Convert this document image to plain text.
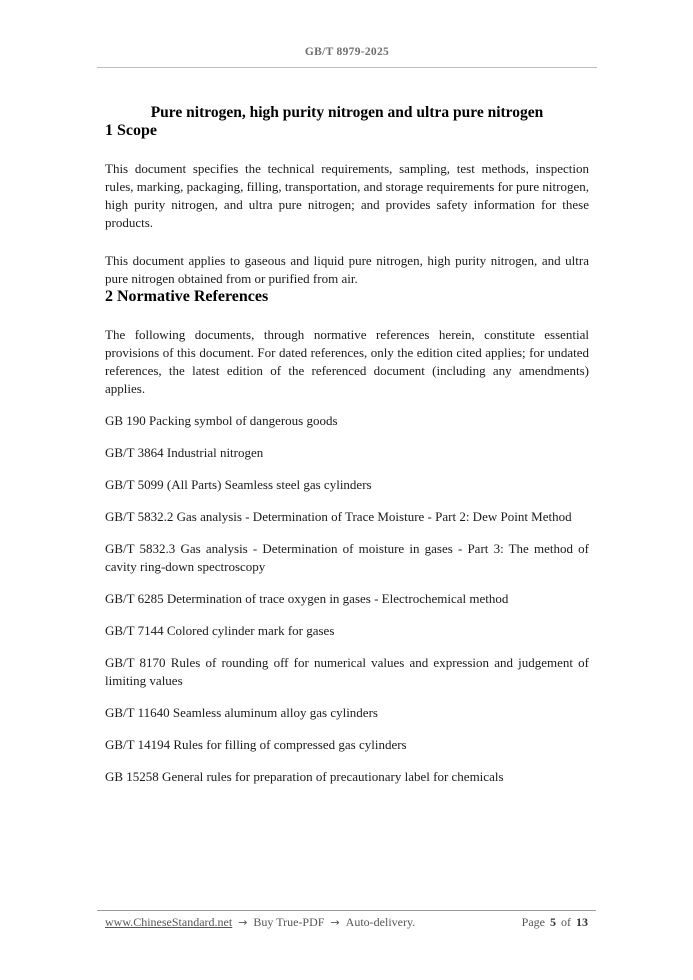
GB/T 8979-2025
Pure nitrogen, high purity nitrogen and ultra pure nitrogen
1 Scope

This document specifies the technical requirements, sampling, test methods, inspection rules, marking, packaging, filling, transportation, and storage requirements for pure nitrogen, high purity nitrogen, and ultra pure nitrogen; and provides safety information for these products.

This document applies to gaseous and liquid pure nitrogen, high purity nitrogen, and ultra pure nitrogen obtained from or purified from air.

2 Normative References

The following documents, through normative references herein, constitute essential provisions of this document. For dated references, only the edition cited applies; for undated references, the latest edition of the referenced document (including any amendments) applies.

GB 190 Packing symbol of dangerous goods

GB/T 3864 Industrial nitrogen

GB/T 5099 (All Parts) Seamless steel gas cylinders

GB/T 5832.2 Gas analysis - Determination of Trace Moisture - Part 2: Dew Point Method

GB/T 5832.3 Gas analysis - Determination of moisture in gases - Part 3: The method of cavity ring-down spectroscopy

GB/T 6285 Determination of trace oxygen in gases - Electrochemical method

GB/T 7144 Colored cylinder mark for gases

GB/T 8170 Rules of rounding off for numerical values and expression and judgement of limiting values

GB/T 11640 Seamless aluminum alloy gas cylinders

GB/T 14194 Rules for filling of compressed gas cylinders

GB 15258 General rules for preparation of precautionary label for chemicals

www.ChineseStandard.net → Buy True-PDF → Auto-delivery.	Page 5 of 13
